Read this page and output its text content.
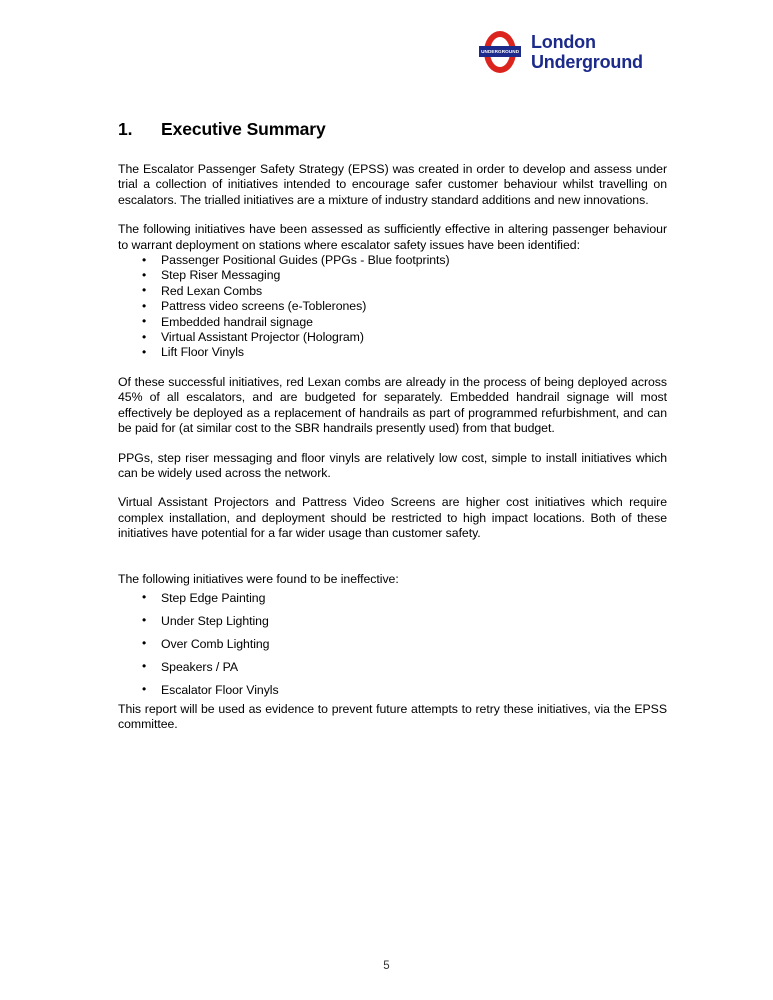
UNDERGROUND London
Underground
1. Executive Summary

The Escalator Passenger Safety Strategy (EPSS) was created in order to develop and assess under trial a collection of initiatives intended to encourage safer customer behaviour whilst travelling on escalators. The trialled initiatives are a mixture of industry standard additions and new innovations.

The following initiatives have been assessed as sufficiently effective in altering passenger behaviour to warrant deployment on stations where escalator safety issues have been identified:

• Passenger Positional Guides (PPGs - Blue footprints)
• Step Riser Messaging
• Red Lexan Combs
• Pattress video screens (e-Toblerones)
• Embedded handrail signage
• Virtual Assistant Projector (Hologram)
• Lift Floor Vinyls

Of these successful initiatives, red Lexan combs are already in the process of being deployed across 45% of all escalators, and are budgeted for separately. Embedded handrail signage will most effectively be deployed as a replacement of handrails as part of programmed refurbishment, and can be paid for (at similar cost to the SBR handrails presently used) from that budget.

PPGs, step riser messaging and floor vinyls are relatively low cost, simple to install initiatives which can be widely used across the network.

Virtual Assistant Projectors and Pattress Video Screens are higher cost initiatives which require complex installation, and deployment should be restricted to high impact locations. Both of these initiatives have potential for a far wider usage than customer safety.

The following initiatives were found to be ineffective:

• Step Edge Painting
• Under Step Lighting
• Over Comb Lighting
• Speakers / PA
• Escalator Floor Vinyls

This report will be used as evidence to prevent future attempts to retry these initiatives, via the EPSS committee.

5
